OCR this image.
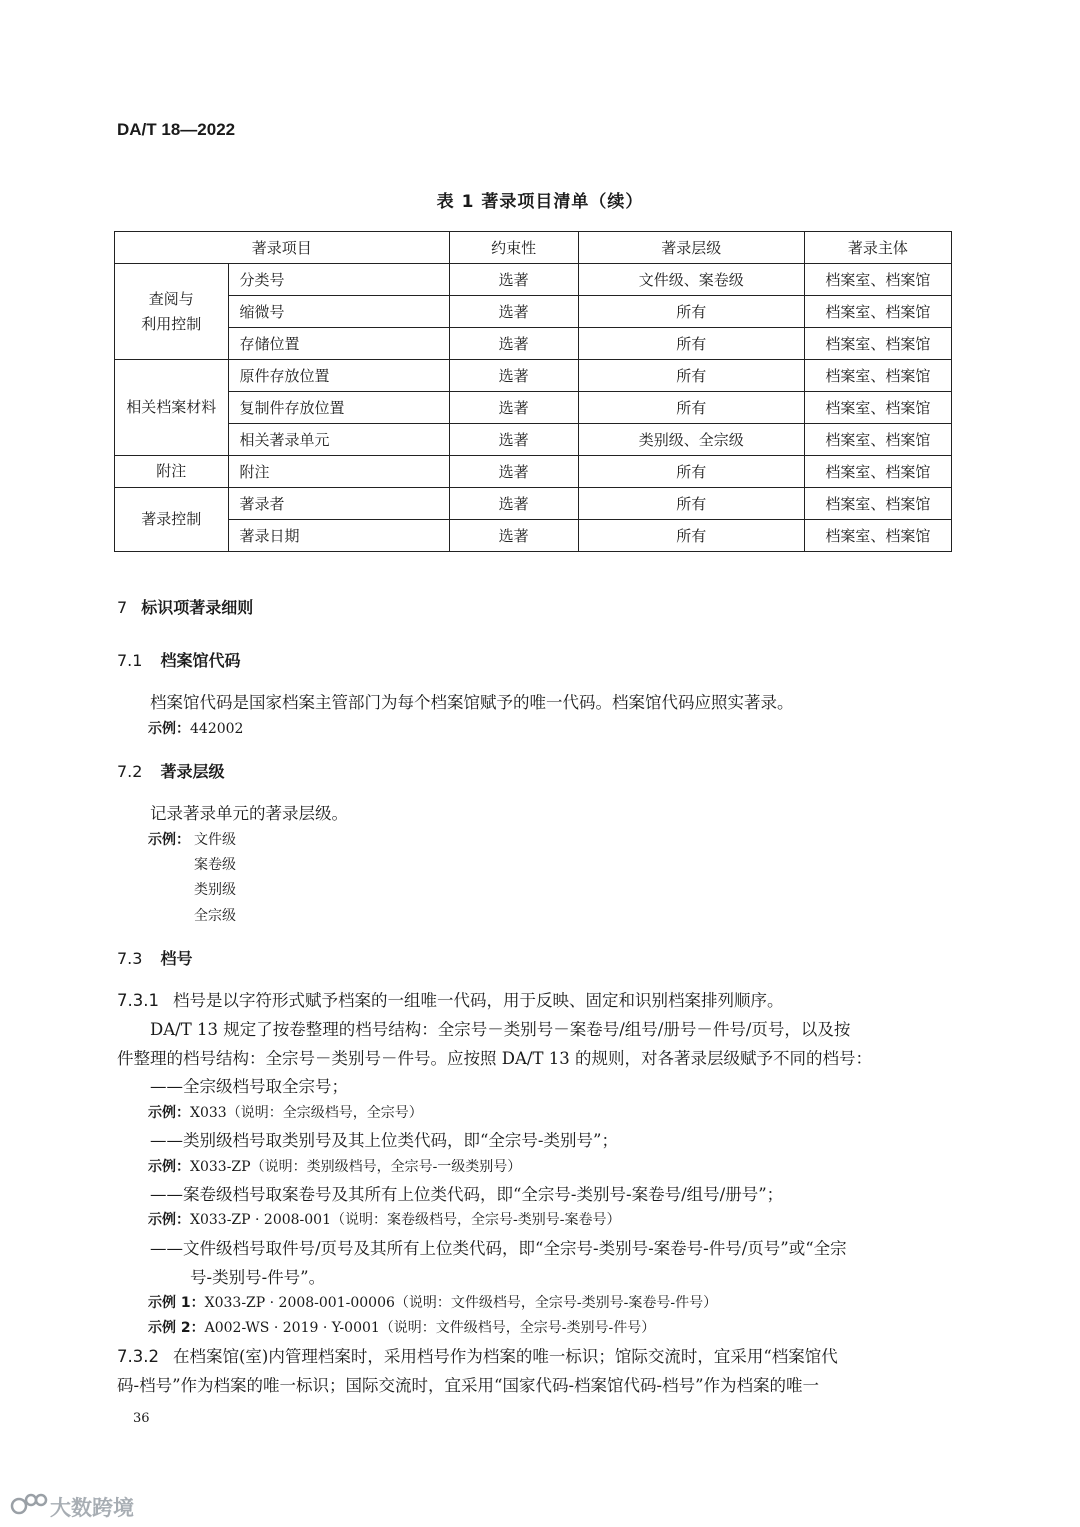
DA/T 18—2022
表 1 著录项目清单（续）
著录项目		约束性	著录层级	著录主体
查阅与
利用控制	分类号	选著	文件级、案卷级	档案室、档案馆
	缩微号	选著	所有	档案室、档案馆
	存储位置	选著	所有	档案室、档案馆
相关档案材料	原件存放位置	选著	所有	档案室、档案馆
	复制件存放位置	选著	所有	档案室、档案馆
	相关著录单元	选著	类别级、全宗级	档案室、档案馆
附注	附注	选著	所有	档案室、档案馆
著录控制	著录者	选著	所有	档案室、档案馆
	著录日期	选著	所有	档案室、档案馆
7 标识项著录细则
7.1 档案馆代码
档案馆代码是国家档案主管部门为每个档案馆赋予的唯一代码。档案馆代码应照实著录。
示例：442002
7.2 著录层级
记录著录单元的著录层级。
示例： 文件级
案卷级
类别级
全宗级
7.3 档号
7.3.1 档号是以字符形式赋予档案的一组唯一代码，用于反映、固定和识别档案排列顺序。
DA/T 13 规定了按卷整理的档号结构：全宗号－类别号－案卷号/组号/册号－件号/页号，以及按
件整理的档号结构：全宗号－类别号－件号。应按照 DA/T 13 的规则，对各著录层级赋予不同的档号：
——全宗级档号取全宗号；
示例：X033（说明：全宗级档号，全宗号）
——类别级档号取类别号及其上位类代码，即“全宗号-类别号”；
示例：X033-ZP（说明：类别级档号，全宗号-一级类别号）
——案卷级档号取案卷号及其所有上位类代码，即“全宗号-类别号-案卷号/组号/册号”；
示例：X033-ZP · 2008-001（说明：案卷级档号，全宗号-类别号-案卷号）
——文件级档号取件号/页号及其所有上位类代码，即“全宗号-类别号-案卷号-件号/页号”或“全宗
号-类别号-件号”。
示例 1：X033-ZP · 2008-001-00006（说明：文件级档号，全宗号-类别号-案卷号-件号）
示例 2：A002-WS · 2019 · Y-0001（说明：文件级档号，全宗号-类别号-件号）
7.3.2 在档案馆(室)内管理档案时，采用档号作为档案的唯一标识；馆际交流时，宜采用“档案馆代
码-档号”作为档案的唯一标识；国际交流时，宜采用“国家代码-档案馆代码-档号”作为档案的唯一
36
大数跨境
